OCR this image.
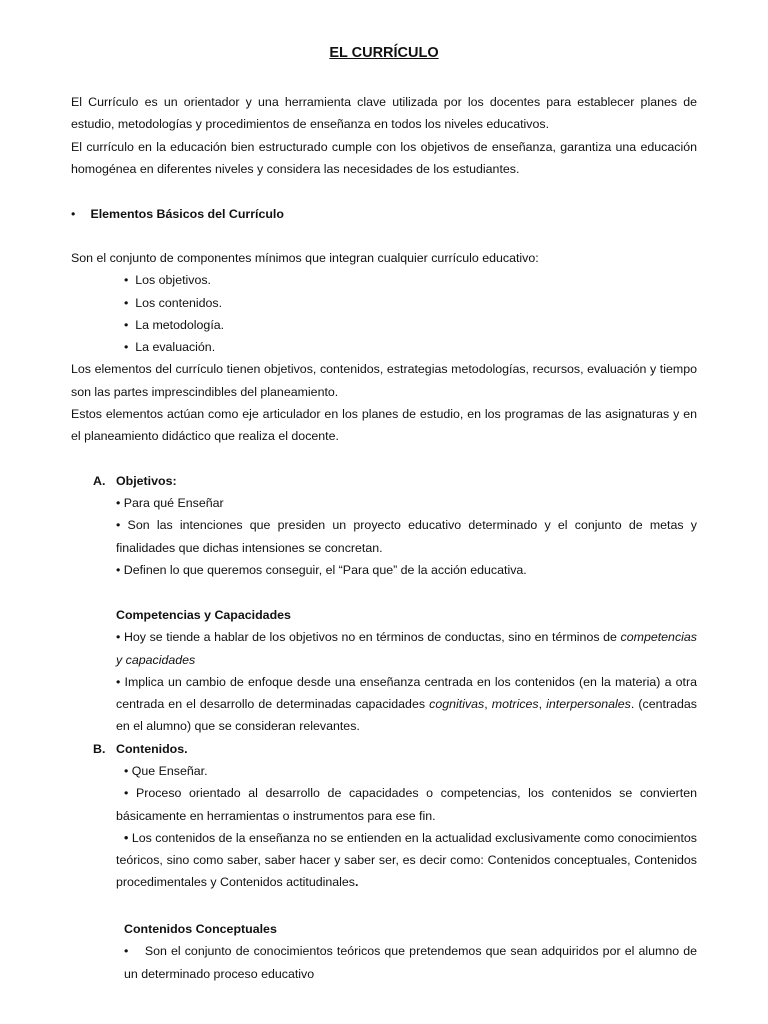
EL CURRÍCULO

El Currículo es un orientador y una herramienta clave utilizada por los docentes para establecer planes de estudio, metodologías y procedimientos de enseñanza en todos los niveles educativos.

El currículo en la educación bien estructurado cumple con los objetivos de enseñanza, garantiza una educación homogénea en diferentes niveles y considera las necesidades de los estudiantes.

• Elementos Básicos del Currículo

Son el conjunto de componentes mínimos que integran cualquier currículo educativo:

•  Los objetivos.
•  Los contenidos.
•  La metodología.
•  La evaluación.

Los elementos del currículo tienen objetivos, contenidos, estrategias metodologías, recursos, evaluación y tiempo son las partes imprescindibles del planeamiento.

Estos elementos actúan como eje articulador en los planes de estudio, en los programas de las asignaturas y en el planeamiento didáctico que realiza el docente.

A. Objetivos:

• Para qué Enseñar

• Son las intenciones que presiden un proyecto educativo determinado y el conjunto de metas y finalidades que dichas intensiones se concretan.

• Definen lo que queremos conseguir, el “Para que” de la acción educativa.

Competencias y Capacidades

• Hoy se tiende a hablar de los objetivos no en términos de conductas, sino en términos de competencias y capacidades

• Implica un cambio de enfoque desde una enseñanza centrada en los contenidos (en la materia) a otra centrada en el desarrollo de determinadas capacidades cognitivas, motrices, interpersonales. (centradas en el alumno) que se consideran relevantes.

B. Contenidos.

• Que Enseñar.

• Proceso orientado al desarrollo de capacidades o competencias, los contenidos se convierten básicamente en herramientas o instrumentos para ese fin.

• Los contenidos de la enseñanza no se entienden en la actualidad exclusivamente como conocimientos teóricos, sino como saber, saber hacer y saber ser, es decir como: Contenidos conceptuales, Contenidos procedimentales y Contenidos actitudinales.

Contenidos Conceptuales

• Son el conjunto de conocimientos teóricos que pretendemos que sean adquiridos por el alumno de un determinado proceso educativo
